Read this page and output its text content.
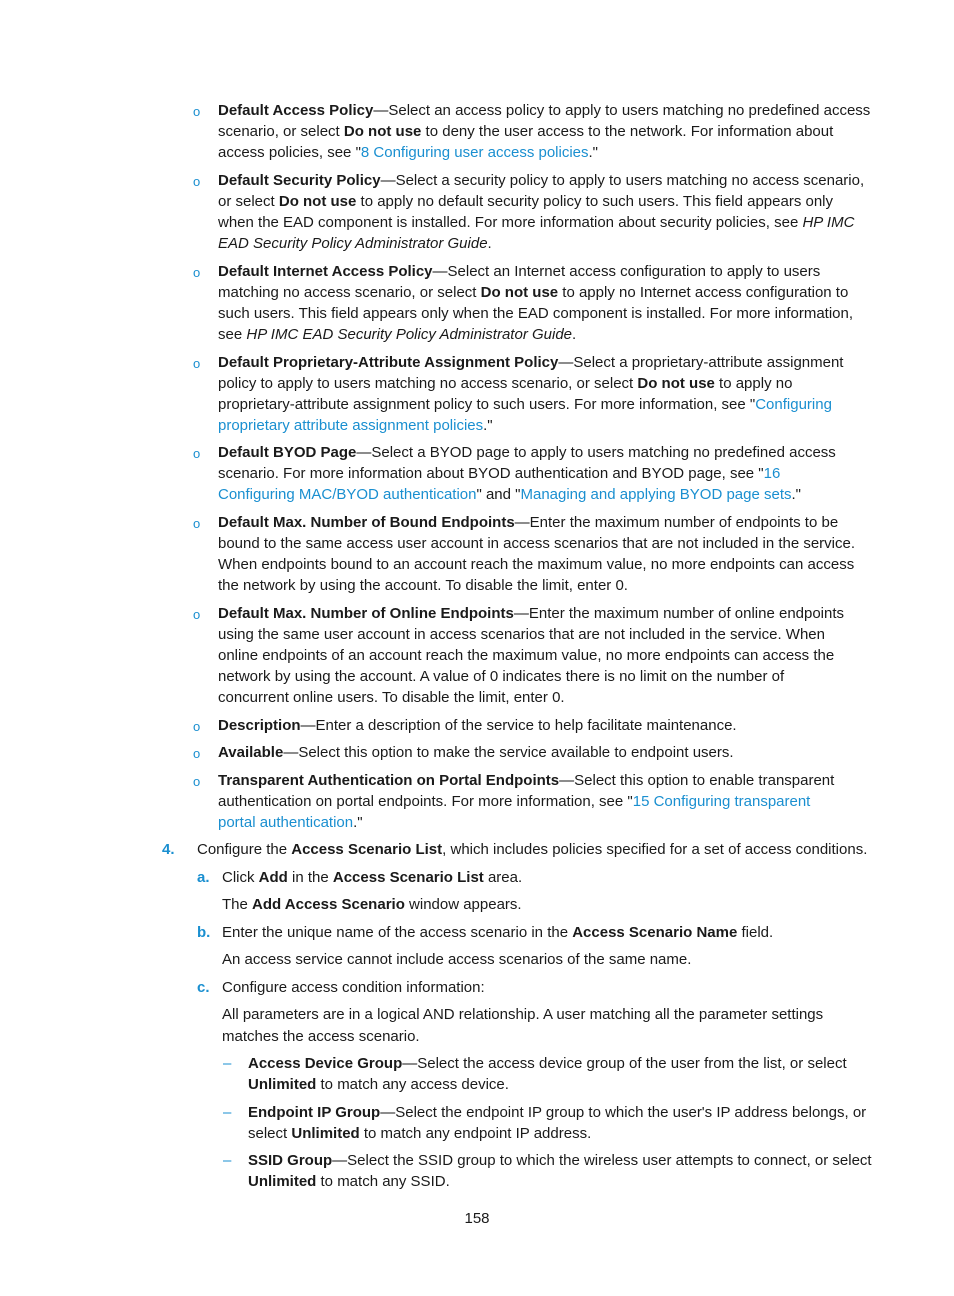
o Default Access Policy—Select an access policy to apply to users matching no predefined access
scenario, or select Do not use to deny the user access to the network. For information about
access policies, see "8 Configuring user access policies."
o Default Security Policy—Select a security policy to apply to users matching no access scenario,
or select Do not use to apply no default security policy to such users. This field appears only
when the EAD component is installed. For more information about security policies, see HP IMC
EAD Security Policy Administrator Guide.
o Default Internet Access Policy—Select an Internet access configuration to apply to users
matching no access scenario, or select Do not use to apply no Internet access configuration to
such users. This field appears only when the EAD component is installed. For more information,
see HP IMC EAD Security Policy Administrator Guide.
o Default Proprietary-Attribute Assignment Policy—Select a proprietary-attribute assignment
policy to apply to users matching no access scenario, or select Do not use to apply no
proprietary-attribute assignment policy to such users. For more information, see "Configuring
proprietary attribute assignment policies."
o Default BYOD Page—Select a BYOD page to apply to users matching no predefined access
scenario. For more information about BYOD authentication and BYOD page, see "16
Configuring MAC/BYOD authentication" and "Managing and applying BYOD page sets."
o Default Max. Number of Bound Endpoints—Enter the maximum number of endpoints to be
bound to the same access user account in access scenarios that are not included in the service.
When endpoints bound to an account reach the maximum value, no more endpoints can access
the network by using the account. To disable the limit, enter 0.
o Default Max. Number of Online Endpoints—Enter the maximum number of online endpoints
using the same user account in access scenarios that are not included in the service. When
online endpoints of an account reach the maximum value, no more endpoints can access the
network by using the account. A value of 0 indicates there is no limit on the number of
concurrent online users. To disable the limit, enter 0.
o Description—Enter a description of the service to help facilitate maintenance.
o Available—Select this option to make the service available to endpoint users.
o Transparent Authentication on Portal Endpoints—Select this option to enable transparent
authentication on portal endpoints. For more information, see "15 Configuring transparent
portal authentication."
4. Configure the Access Scenario List, which includes policies specified for a set of access conditions.
a. Click Add in the Access Scenario List area.
The Add Access Scenario window appears.
b. Enter the unique name of the access scenario in the Access Scenario Name field.
An access service cannot include access scenarios of the same name.
c. Configure access condition information:
All parameters are in a logical AND relationship. A user matching all the parameter settings
matches the access scenario.
– Access Device Group—Select the access device group of the user from the list, or select
Unlimited to match any access device.
– Endpoint IP Group—Select the endpoint IP group to which the user's IP address belongs, or
select Unlimited to match any endpoint IP address.
– SSID Group—Select the SSID group to which the wireless user attempts to connect, or select
Unlimited to match any SSID.
158
